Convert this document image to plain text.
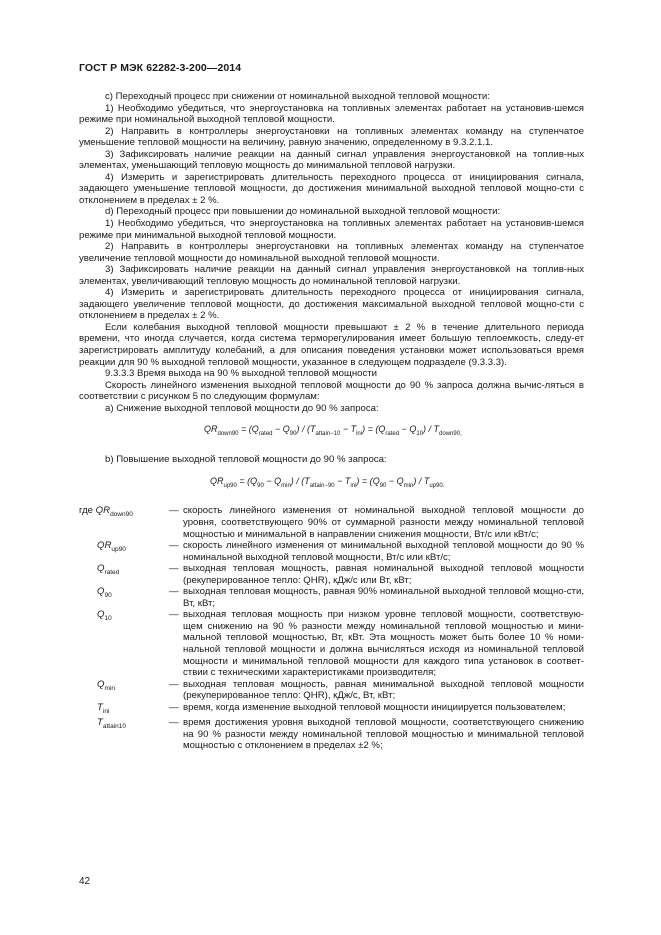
ГОСТ Р МЭК 62282-3-200—2014

c) Переходный процесс при снижении от номинальной выходной тепловой мощности:

1) Необходимо убедиться, что энергоустановка на топливных элементах работает на установив-шемся режиме при номинальной выходной тепловой мощности.

2) Направить в контроллеры энергоустановки на топливных элементах команду на ступенчатое уменьшение тепловой мощности на величину, равную значению, определенному в 9.3.2.1.1.

3) Зафиксировать наличие реакции на данный сигнал управления энергоустановкой на топлив-ных элементах, уменьшающий тепловую мощность до минимальной тепловой нагрузки.

4) Измерить и зарегистрировать длительность переходного процесса от инициирования сигнала, задающего уменьшение тепловой мощности, до достижения минимальной выходной тепловой мощно-сти с отклонением в пределах ± 2 %.

d) Переходный процесс при повышении до номинальной выходной тепловой мощности:

1) Необходимо убедиться, что энергоустановка на топливных элементах работает на установив-шемся режиме при минимальной выходной тепловой мощности.

2) Направить в контроллеры энергоустановки на топливных элементах команду на ступенчатое увеличение тепловой мощности до номинальной выходной тепловой мощности.

3) Зафиксировать наличие реакции на данный сигнал управления энергоустановкой на топлив-ных элементах, увеличивающий тепловую мощность до номинальной тепловой нагрузки.

4) Измерить и зарегистрировать длительность переходного процесса от инициирования сигнала, задающего увеличение тепловой мощности, до достижения максимальной выходной тепловой мощно-сти с отклонением в пределах ± 2 %.

Если колебания выходной тепловой мощности превышают ± 2 % в течение длительного периода времени, что иногда случается, когда система терморегулирования имеет большую теплоемкость, следу-ет зарегистрировать амплитуду колебаний, а для описания поведения установки может использоваться время реакции для 90 % выходной тепловой мощности, указанное в следующем подразделе (9.3.3.3).

9.3.3.3 Время выхода на 90 % выходной тепловой мощности

Скорость линейного изменения выходной тепловой мощности до 90 % запроса должна вычис-ляться в соответствии с рисунком 5 по следующим формулам:

a) Снижение выходной тепловой мощности до 90 % запроса:

$QR_{down90} = (Q_{rated} - Q_{90}) / (T_{attain-10} - T_{ini}) = (Q_{rated} - Q_{10}) / T_{down90,}$

b) Повышение выходной тепловой мощности до 90 % запроса:

$QR_{up90} = (Q_{90} - Q_{min}) / (T_{attain-90} - T_{ini}) = (Q_{90} - Q_{min}) / T_{up90.}$
где $QR_{down90}$	— скорость линейного изменения от номинальной выходной тепловой мощности до уровня, соответствующего 90% от суммарной разности между номинальной тепловой мощностью и минимальной в направлении снижения мощности, Вт/с или кВт/с;
$QR_{up90}$	— скорость линейного изменения от минимальной выходной тепловой мощности до 90 % номинальной выходной тепловой мощности, Вт/с или кВт/с;
$Q_{rated}$	— выходная тепловая мощность, равная номинальной выходной тепловой мощности (рекуперированное тепло: QHR), кДж/с или Вт, кВт;
$Q_{90}$	— выходная тепловая мощность, равная 90% номинальной выходной тепловой мощно-сти, Вт, кВт;
$Q_{10}$	— выходная тепловая мощность при низком уровне тепловой мощности, соответствую-щем снижению на 90 % разности между номинальной тепловой мощностью и мини-мальной тепловой мощностью, Вт, кВт. Эта мощность может быть более 10 % номи-нальной тепловой мощности и должна вычисляться исходя из номинальной тепловой мощности и минимальной тепловой мощности для каждого типа установок в соответ-ствии с техническими характеристиками производителя;
$Q_{min}$	— выходная тепловая мощность, равная минимальной выходной тепловой мощности (рекуперированное тепло: QHR), кДж/с, Вт, кВт;
$T_{ini}$	— время, когда изменение выходной тепловой мощности инициируется пользователем;
$T_{attain10}$	— время достижения уровня выходной тепловой мощности, соответствующего снижению на 90 % разности между номинальной тепловой мощностью и минимальной тепловой мощностью с отклонением в пределах ±2 %;
42
